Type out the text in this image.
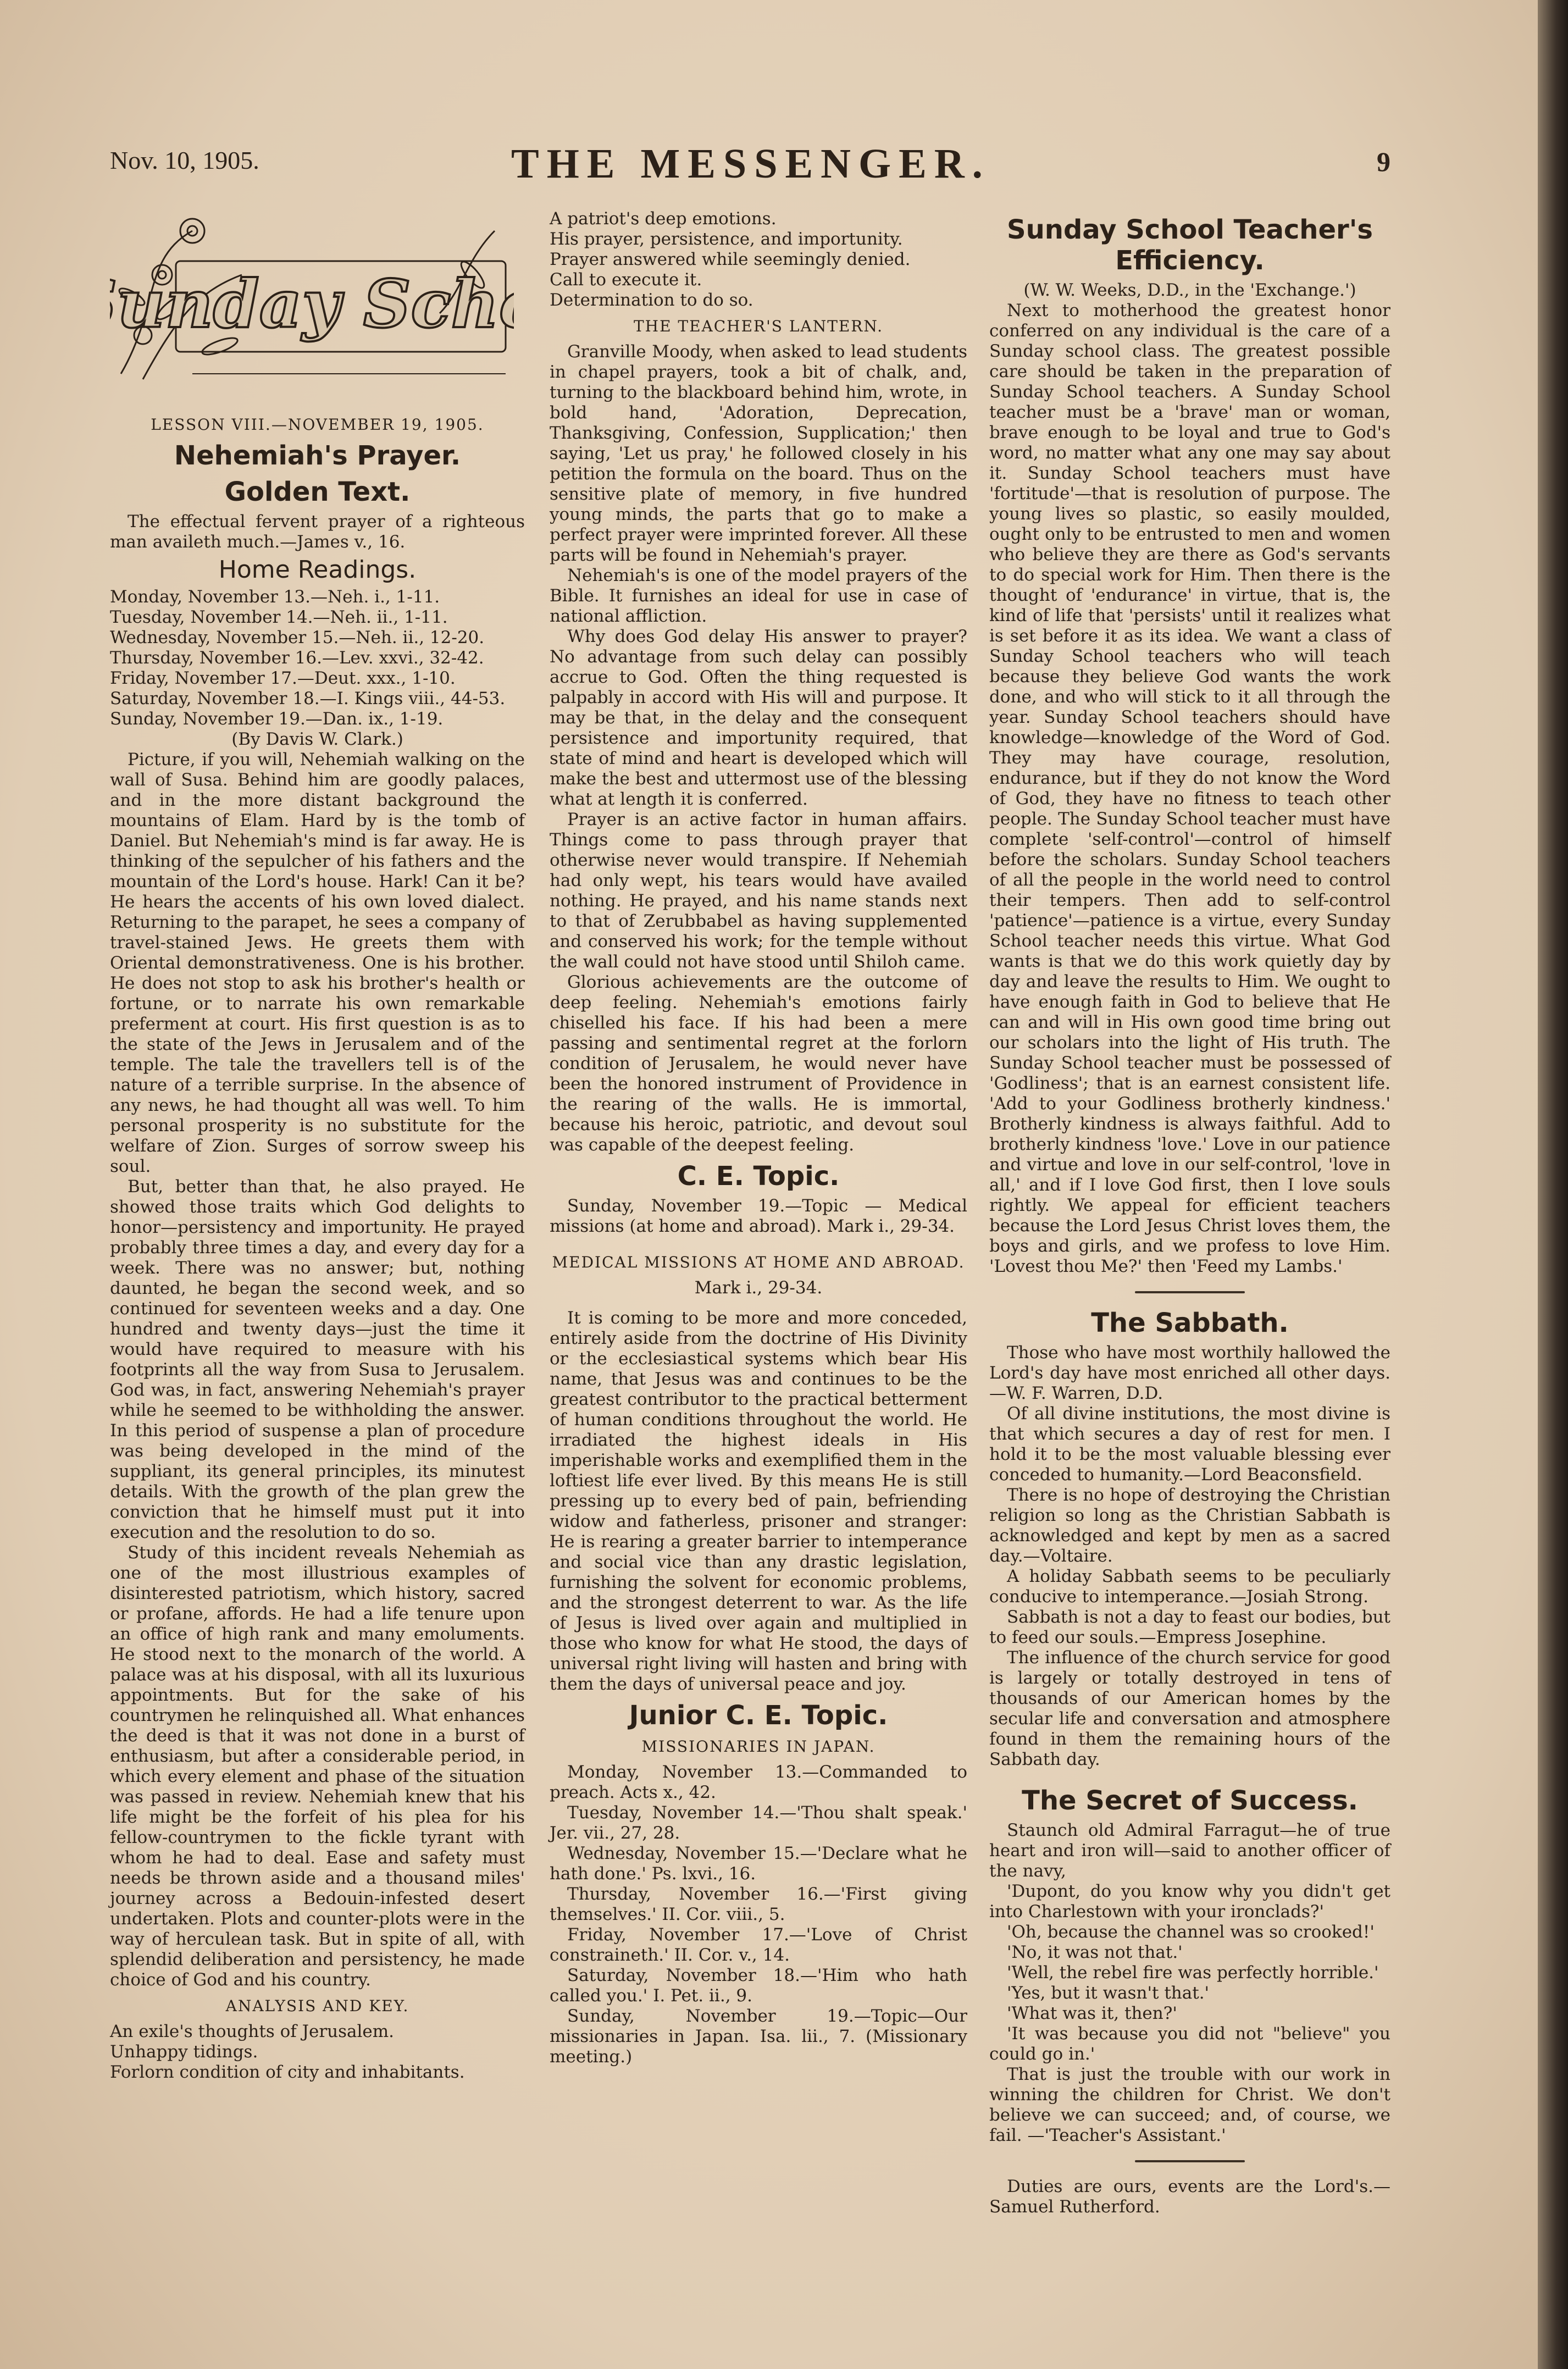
Nov. 10, 1905.	THE MESSENGER.	9
unday Sch

LESSON VIII.—NOVEMBER 19, 1905.

Nehemiah's Prayer.
Golden Text.

The effectual fervent prayer of a righteous man availeth much.—James v., 16.

Home Readings.

Monday, November 13.—Neh. i., 1-11.

Tuesday, November 14.—Neh. ii., 1-11.

Wednesday, November 15.—Neh. ii., 12-20.

Thursday, November 16.—Lev. xxvi., 32-42.

Friday, November 17.—Deut. xxx., 1-10.

Saturday, November 18.—I. Kings viii., 44-53.

Sunday, November 19.—Dan. ix., 1-19.

(By Davis W. Clark.)

Picture, if you will, Nehemiah walking on the wall of Susa. Behind him are goodly palaces, and in the more distant background the mountains of Elam. Hard by is the tomb of Daniel. But Nehemiah's mind is far away. He is thinking of the sepulcher of his fathers and the mountain of the Lord's house. Hark! Can it be? He hears the accents of his own loved dialect. Returning to the parapet, he sees a company of travel-stained Jews. He greets them with Oriental demonstrativeness. One is his brother. He does not stop to ask his brother's health or fortune, or to narrate his own remarkable preferment at court. His first question is as to the state of the Jews in Jerusalem and of the temple. The tale the travellers tell is of the nature of a terrible surprise. In the absence of any news, he had thought all was well. To him personal prosperity is no substitute for the welfare of Zion. Surges of sorrow sweep his soul.

But, better than that, he also prayed. He showed those traits which God delights to honor—persistency and importunity. He prayed probably three times a day, and every day for a week. There was no answer; but, nothing daunted, he began the second week, and so continued for seventeen weeks and a day. One hundred and twenty days—just the time it would have required to measure with his footprints all the way from Susa to Jerusalem. God was, in fact, answering Nehemiah's prayer while he seemed to be withholding the answer. In this period of suspense a plan of procedure was being developed in the mind of the suppliant, its general principles, its minutest details. With the growth of the plan grew the conviction that he himself must put it into execution and the resolution to do so.

Study of this incident reveals Nehemiah as one of the most illustrious examples of disinterested patriotism, which history, sacred or profane, affords. He had a life tenure upon an office of high rank and many emoluments. He stood next to the monarch of the world. A palace was at his disposal, with all its luxurious appointments. But for the sake of his countrymen he relinquished all. What enhances the deed is that it was not done in a burst of enthusiasm, but after a considerable period, in which every element and phase of the situation was passed in review. Nehemiah knew that his life might be the forfeit of his plea for his fellow-countrymen to the fickle tyrant with whom he had to deal. Ease and safety must needs be thrown aside and a thousand miles' journey across a Bedouin-infested desert undertaken. Plots and counter-plots were in the way of herculean task. But in spite of all, with splendid deliberation and persistency, he made choice of God and his country.

ANALYSIS AND KEY.

An exile's thoughts of Jerusalem.

Unhappy tidings.

Forlorn condition of city and inhabitants.

A patriot's deep emotions.

His prayer, persistence, and importunity.

Prayer answered while seemingly denied.

Call to execute it.

Determination to do so.

THE TEACHER'S LANTERN.

Granville Moody, when asked to lead students in chapel prayers, took a bit of chalk, and, turning to the blackboard behind him, wrote, in bold hand, 'Adoration, Deprecation, Thanksgiving, Confession, Supplication;' then saying, 'Let us pray,' he followed closely in his petition the formula on the board. Thus on the sensitive plate of memory, in five hundred young minds, the parts that go to make a perfect prayer were imprinted forever. All these parts will be found in Nehemiah's prayer.

Nehemiah's is one of the model prayers of the Bible. It furnishes an ideal for use in case of national affliction.

Why does God delay His answer to prayer? No advantage from such delay can possibly accrue to God. Often the thing requested is palpably in accord with His will and purpose. It may be that, in the delay and the consequent persistence and importunity required, that state of mind and heart is developed which will make the best and uttermost use of the blessing what at length it is conferred.

Prayer is an active factor in human affairs. Things come to pass through prayer that otherwise never would transpire. If Nehemiah had only wept, his tears would have availed nothing. He prayed, and his name stands next to that of Zerubbabel as having supplemented and conserved his work; for the temple without the wall could not have stood until Shiloh came.

Glorious achievements are the outcome of deep feeling. Nehemiah's emotions fairly chiselled his face. If his had been a mere passing and sentimental regret at the forlorn condition of Jerusalem, he would never have been the honored instrument of Providence in the rearing of the walls. He is immortal, because his heroic, patriotic, and devout soul was capable of the deepest feeling.

C. E. Topic.

Sunday, November 19.—Topic — Medical missions (at home and abroad). Mark i., 29-34.

MEDICAL MISSIONS AT HOME AND ABROAD.

Mark i., 29-34.

It is coming to be more and more conceded, entirely aside from the doctrine of His Divinity or the ecclesiastical systems which bear His name, that Jesus was and continues to be the greatest contributor to the practical betterment of human conditions throughout the world. He irradiated the highest ideals in His imperishable works and exemplified them in the loftiest life ever lived. By this means He is still pressing up to every bed of pain, befriending widow and fatherless, prisoner and stranger: He is rearing a greater barrier to intemperance and social vice than any drastic legislation, furnishing the solvent for economic problems, and the strongest deterrent to war. As the life of Jesus is lived over again and multiplied in those who know for what He stood, the days of universal right living will hasten and bring with them the days of universal peace and joy.

Junior C. E. Topic.

MISSIONARIES IN JAPAN.

Monday, November 13.—Commanded to preach. Acts x., 42.

Tuesday, November 14.—'Thou shalt speak.' Jer. vii., 27, 28.

Wednesday, November 15.—'Declare what he hath done.' Ps. lxvi., 16.

Thursday, November 16.—'First giving themselves.' II. Cor. viii., 5.

Friday, November 17.—'Love of Christ constraineth.' II. Cor. v., 14.

Saturday, November 18.—'Him who hath called you.' I. Pet. ii., 9.

Sunday, November 19.—Topic—Our missionaries in Japan. Isa. lii., 7. (Missionary meeting.)

Sunday School Teacher's Efficiency.

(W. W. Weeks, D.D., in the 'Exchange.')

Next to motherhood the greatest honor conferred on any individual is the care of a Sunday school class. The greatest possible care should be taken in the preparation of Sunday School teachers. A Sunday School teacher must be a 'brave' man or woman, brave enough to be loyal and true to God's word, no matter what any one may say about it. Sunday School teachers must have 'fortitude'—that is resolution of purpose. The young lives so plastic, so easily moulded, ought only to be entrusted to men and women who believe they are there as God's servants to do special work for Him. Then there is the thought of 'endurance' in virtue, that is, the kind of life that 'persists' until it realizes what is set before it as its idea. We want a class of Sunday School teachers who will teach because they believe God wants the work done, and who will stick to it all through the year. Sunday School teachers should have knowledge—knowledge of the Word of God. They may have courage, resolution, endurance, but if they do not know the Word of God, they have no fitness to teach other people. The Sunday School teacher must have complete 'self-control'—control of himself before the scholars. Sunday School teachers of all the people in the world need to control their tempers. Then add to self-control 'patience'—patience is a virtue, every Sunday School teacher needs this virtue. What God wants is that we do this work quietly day by day and leave the results to Him. We ought to have enough faith in God to believe that He can and will in His own good time bring out our scholars into the light of His truth. The Sunday School teacher must be possessed of 'Godliness'; that is an earnest consistent life. 'Add to your Godliness brotherly kindness.' Brotherly kindness is always faithful. Add to brotherly kindness 'love.' Love in our patience and virtue and love in our self-control, 'love in all,' and if I love God first, then I love souls rightly. We appeal for efficient teachers because the Lord Jesus Christ loves them, the boys and girls, and we profess to love Him. 'Lovest thou Me?' then 'Feed my Lambs.'

The Sabbath.

Those who have most worthily hallowed the Lord's day have most enriched all other days. —W. F. Warren, D.D.

Of all divine institutions, the most divine is that which secures a day of rest for men. I hold it to be the most valuable blessing ever conceded to humanity.—Lord Beaconsfield.

There is no hope of destroying the Christian religion so long as the Christian Sabbath is acknowledged and kept by men as a sacred day.—Voltaire.

A holiday Sabbath seems to be peculiarly conducive to intemperance.—Josiah Strong.

Sabbath is not a day to feast our bodies, but to feed our souls.—Empress Josephine.

The influence of the church service for good is largely or totally destroyed in tens of thousands of our American homes by the secular life and conversation and atmosphere found in them the remaining hours of the Sabbath day.

The Secret of Success.

Staunch old Admiral Farragut—he of true heart and iron will—said to another officer of the navy,

'Dupont, do you know why you didn't get into Charlestown with your ironclads?'

'Oh, because the channel was so crooked!'

'No, it was not that.'

'Well, the rebel fire was perfectly horrible.'

'Yes, but it wasn't that.'

'What was it, then?'

'It was because you did not "believe" you could go in.'

That is just the trouble with our work in winning the children for Christ. We don't believe we can succeed; and, of course, we fail. —'Teacher's Assistant.'

Duties are ours, events are the Lord's.—Samuel Rutherford.
